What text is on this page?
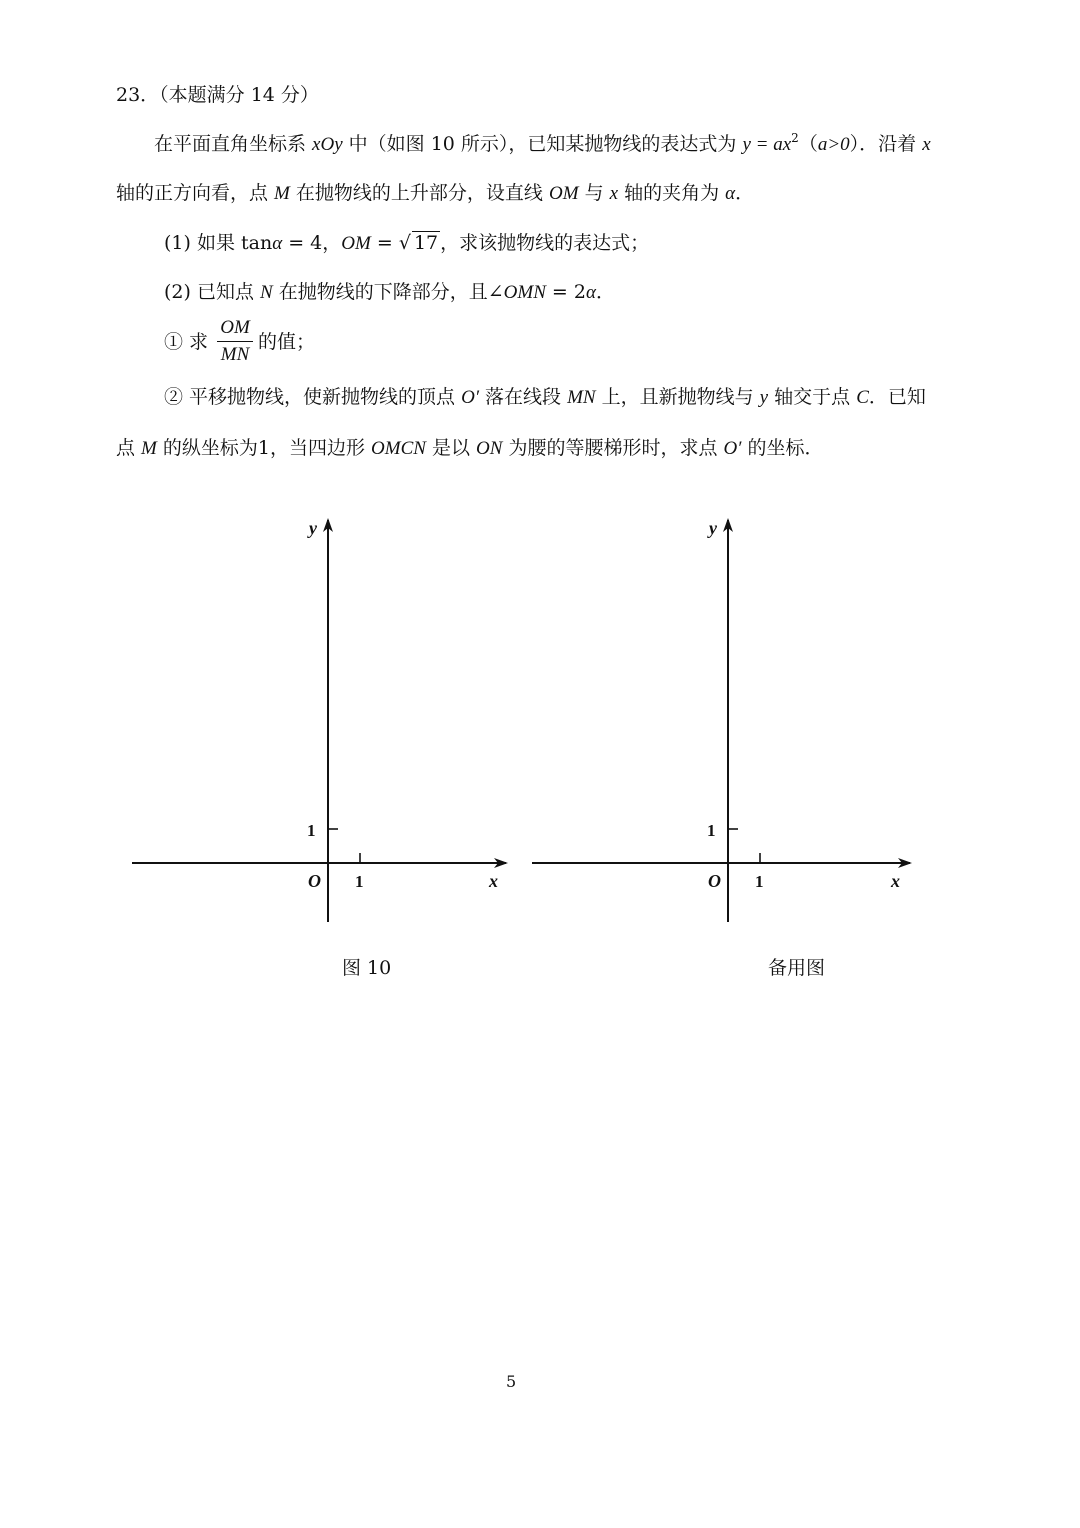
23．（本题满分 14 分）
在平面直角坐标系 xOy 中（如图 10 所示），已知某抛物线的表达式为 $y = ax^2(a>0)$．沿着 x
轴的正方向看，点 M 在抛物线的上升部分，设直线 OM 与 x 轴的夹角为 α．
(1) 如果 tanα = 4，OM = √ 17 ，求该抛物线的表达式；
(2) 已知点 N 在抛物线的下降部分，且∠OMN = 2α．
① 求
OM
MN
的值；
② 平移抛物线，使新抛物线的顶点 O′ 落在线段 MN 上，且新抛物线与 y 轴交于点 C．已知
点 M 的纵坐标为1，当四边形 OMCN 是以 ON 为腰的等腰梯形时，求点 O′ 的坐标．
y
x
O 1
1
y
x
O 1
1
图 10	备用图
5
